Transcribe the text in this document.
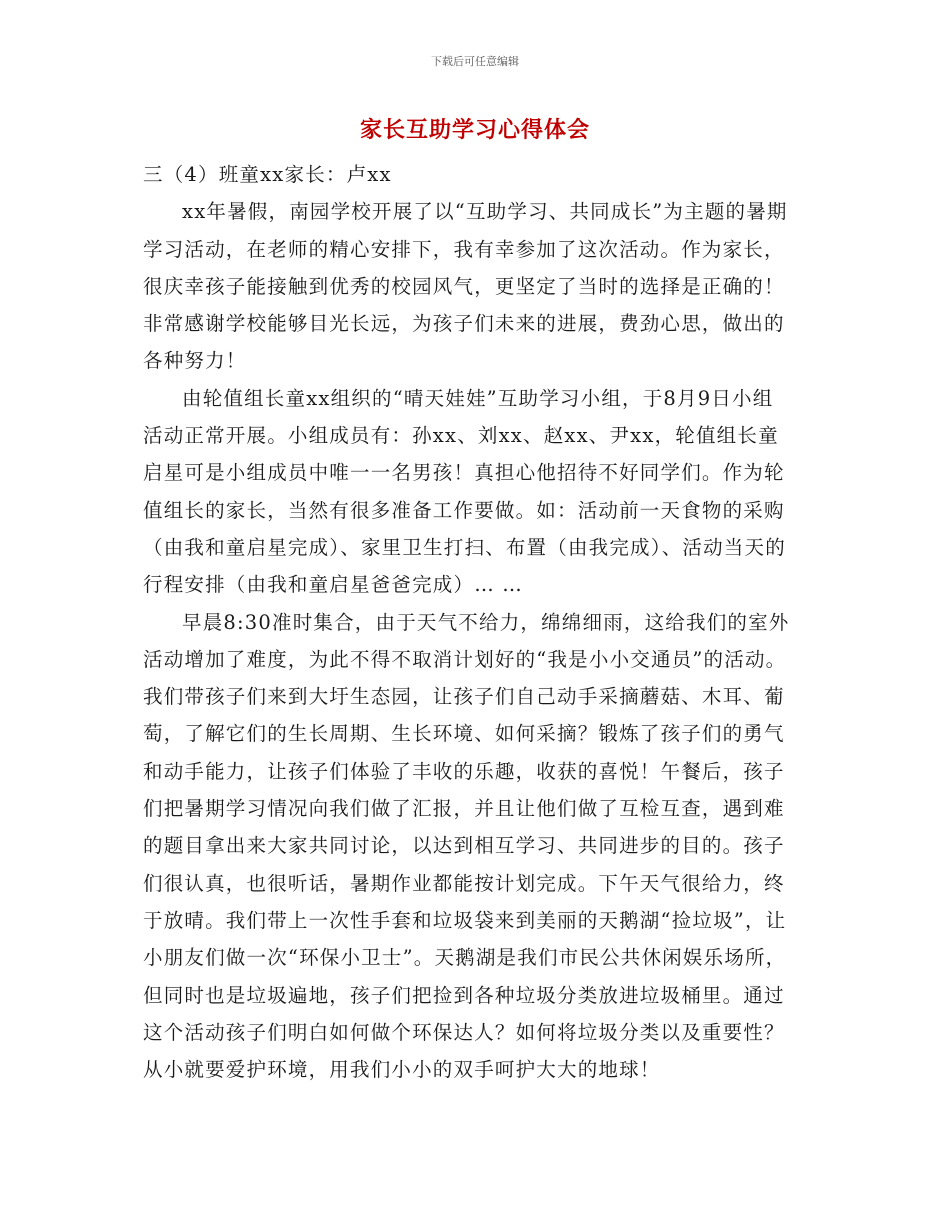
下载后可任意编辑
家长互助学习心得体会

三（4）班童xx家长：卢xx

xx年暑假，南园学校开展了以“互助学习、共同成长”为主题的暑期学习活动，在老师的精心安排下，我有幸参加了这次活动。作为家长，很庆幸孩子能接触到优秀的校园风气，更坚定了当时的选择是正确的！非常感谢学校能够目光长远，为孩子们未来的进展，费劲心思，做出的各种努力！

由轮值组长童xx组织的“晴天娃娃”互助学习小组，于8月9日小组活动正常开展。小组成员有：孙xx、刘xx、赵xx、尹xx，轮值组长童启星可是小组成员中唯一一名男孩！真担心他招待不好同学们。作为轮值组长的家长，当然有很多准备工作要做。如：活动前一天食物的采购（由我和童启星完成）、家里卫生打扫、布置（由我完成）、活动当天的行程安排（由我和童启星爸爸完成）… …

早晨8:30准时集合，由于天气不给力，绵绵细雨，这给我们的室外活动增加了难度，为此不得不取消计划好的“我是小小交通员”的活动。我们带孩子们来到大圩生态园，让孩子们自己动手采摘蘑菇、木耳、葡萄，了解它们的生长周期、生长环境、如何采摘？锻炼了孩子们的勇气和动手能力，让孩子们体验了丰收的乐趣，收获的喜悦！午餐后，孩子们把暑期学习情况向我们做了汇报，并且让他们做了互检互查，遇到难的题目拿出来大家共同讨论，以达到相互学习、共同进步的目的。孩子们很认真，也很听话，暑期作业都能按计划完成。下午天气很给力，终于放晴。我们带上一次性手套和垃圾袋来到美丽的天鹅湖“捡垃圾”，让小朋友们做一次“环保小卫士”。天鹅湖是我们市民公共休闲娱乐场所，但同时也是垃圾遍地，孩子们把捡到各种垃圾分类放进垃圾桶里。通过这个活动孩子们明白如何做个环保达人？如何将垃圾分类以及重要性？从小就要爱护环境，用我们小小的双手呵护大大的地球！
